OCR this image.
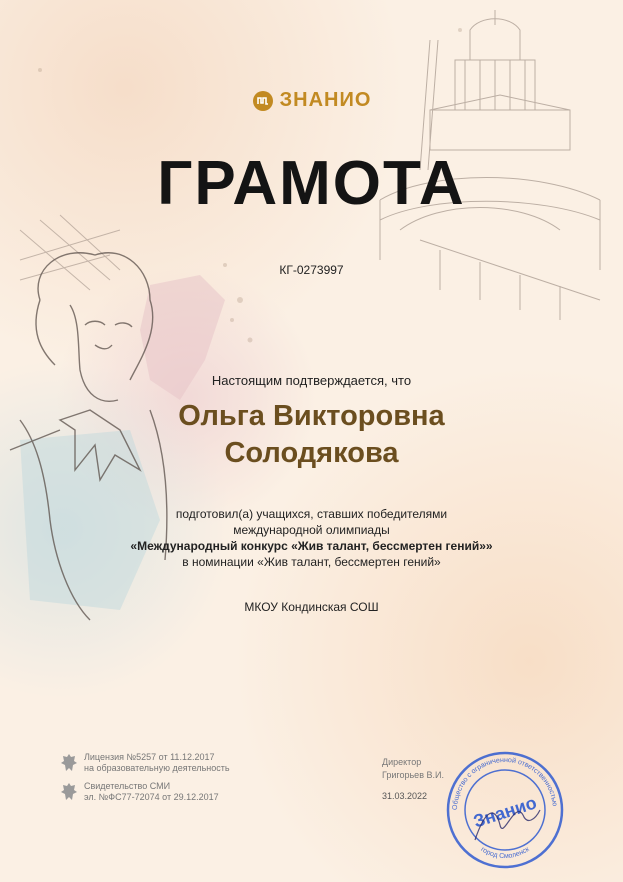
ЗНАНИО
ГРАМОТА
КГ-0273997
Настоящим подтверждается, что
Ольга Викторовна
Солодякова
подготовил(а) учащихся, ставших победителями
международной олимпиады
«Международный конкурс «Жив талант, бессмертен гений»»
в номинации «Жив талант, бессмертен гений»
МКОУ Кондинская СОШ
Лицензия №5257 от 11.12.2017
на образовательную деятельность
Свидетельство СМИ
эл. №ФС77-72074 от 29.12.2017
Директор
Григорьев В.И.
31.03.2022
Общество с ограниченной ответственностью
город Смоленск
Знанио
